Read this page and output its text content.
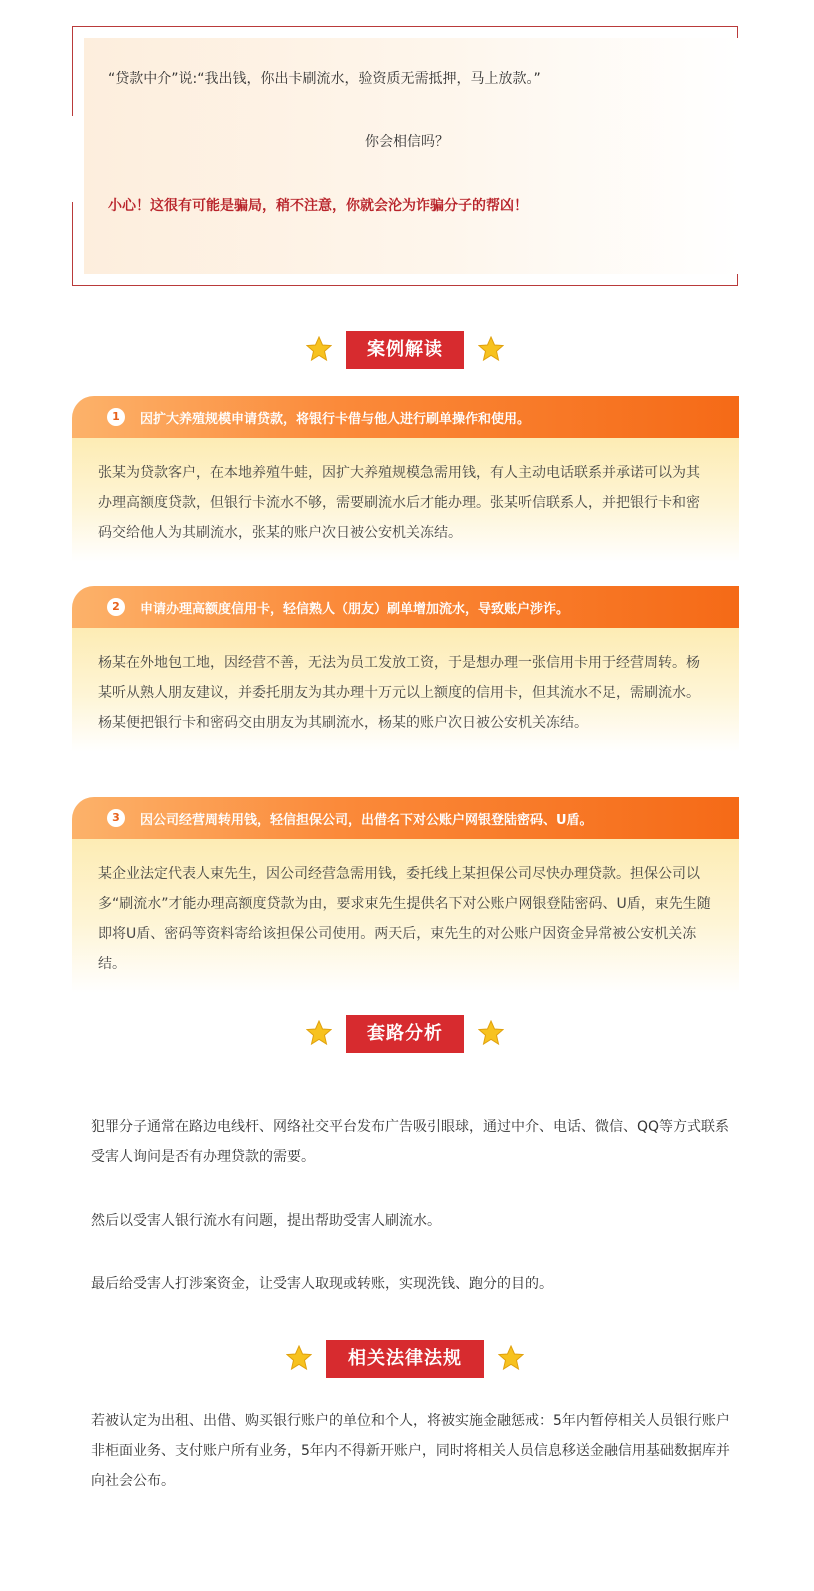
“贷款中介”说:“我出钱，你出卡刷流水，验资质无需抵押，马上放款。”
你会相信吗？
小心！这很有可能是骗局，稍不注意，你就会沦为诈骗分子的帮凶！
案例解读
1	因扩大养殖规模申请贷款，将银行卡借与他人进行刷单操作和使用。
张某为贷款客户，在本地养殖牛蛙，因扩大养殖规模急需用钱，有人主动电话联系并承诺可以为其办理高额度贷款，但银行卡流水不够，需要刷流水后才能办理。张某听信联系人，并把银行卡和密码交给他人为其刷流水，张某的账户次日被公安机关冻结。
2	申请办理高额度信用卡，轻信熟人（朋友）刷单增加流水，导致账户涉诈。
杨某在外地包工地，因经营不善，无法为员工发放工资，于是想办理一张信用卡用于经营周转。杨某听从熟人朋友建议，并委托朋友为其办理十万元以上额度的信用卡，但其流水不足，需刷流水。杨某便把银行卡和密码交由朋友为其刷流水，杨某的账户次日被公安机关冻结。
3	因公司经营周转用钱，轻信担保公司，出借名下对公账户网银登陆密码、U盾。
某企业法定代表人束先生，因公司经营急需用钱，委托线上某担保公司尽快办理贷款。担保公司以多“刷流水”才能办理高额度贷款为由，要求束先生提供名下对公账户网银登陆密码、U盾，束先生随即将U盾、密码等资料寄给该担保公司使用。两天后，束先生的对公账户因资金异常被公安机关冻结。
套路分析
犯罪分子通常在路边电线杆、网络社交平台发布广告吸引眼球，通过中介、电话、微信、QQ等方式联系受害人询问是否有办理贷款的需要。
然后以受害人银行流水有问题，提出帮助受害人刷流水。
最后给受害人打涉案资金，让受害人取现或转账，实现洗钱、跑分的目的。
相关法律法规
若被认定为出租、出借、购买银行账户的单位和个人，将被实施金融惩戒：5年内暂停相关人员银行账户非柜面业务、支付账户所有业务，5年内不得新开账户，同时将相关人员信息移送金融信用基础数据库并向社会公布。
